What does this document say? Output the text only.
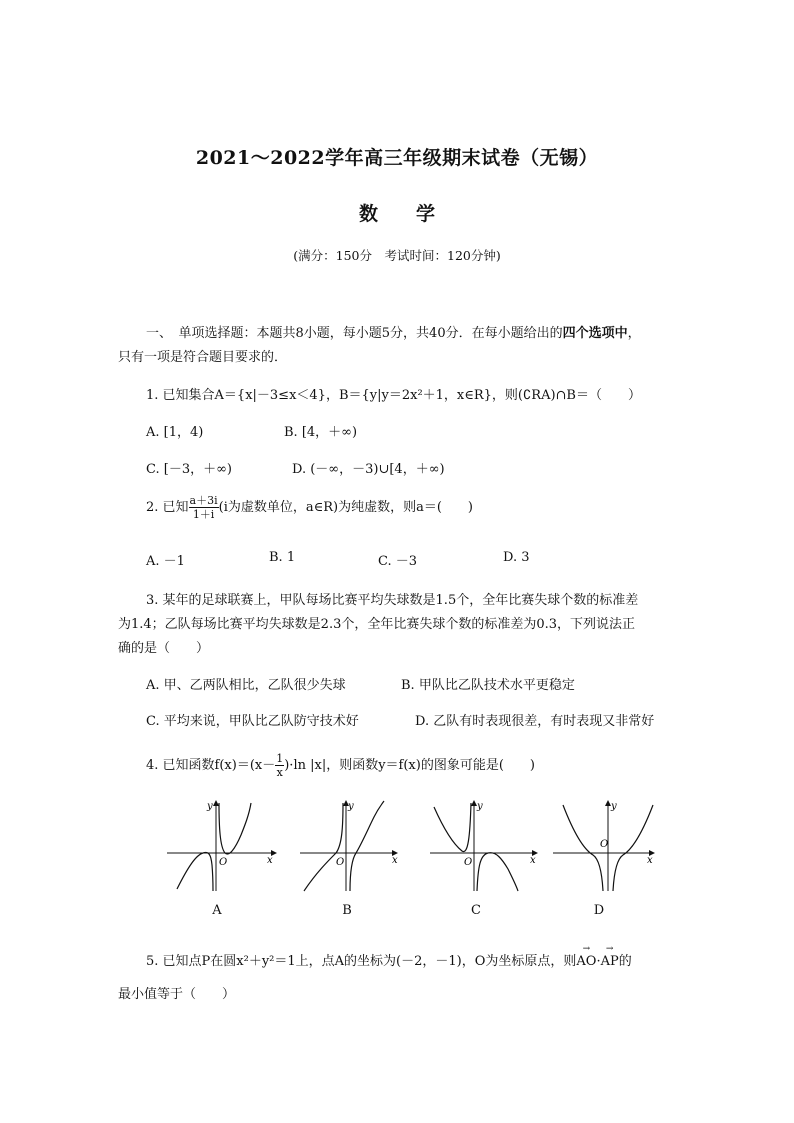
2021～2022学年高三年级期末试卷（无锡）
数学
(满分：150分　考试时间：120分钟)
一、　单项选择题：本题共8小题，每小题5分，共40分．在每小题给出的四个选项中，
只有一项是符合题目要求的．
1. 已知集合A＝{x|－3≤x＜4}，B＝{y|y＝2x²＋1，x∈R}，则(∁RA)∩B＝（　　）
A. [1，4)	B. [4，＋∞)
C. [－3，＋∞)	D. (－∞，－3)∪[4，＋∞)
2. 已知 $\frac{a+3i}{1+i} (i$为虚数单位，a∈R)为纯虚数，则a＝(　　)
A. －1	B. 1	C. －3	D. 3
3. 某年的足球联赛上，甲队每场比赛平均失球数是1.5个，全年比赛失球个数的标准差
为1.4；乙队每场比赛平均失球数是2.3个，全年比赛失球个数的标准差为0.3，下列说法正
确的是（　　）
A. 甲、乙两队相比，乙队很少失球	B. 甲队比乙队技术水平更稳定
C. 平均来说，甲队比乙队防守技术好	D. 乙队有时表现很差，有时表现又非常好
4. 已知函数$f(x)=(x- \frac{1}{x} )\cdot\ln$ |x|，则函数y＝f(x)的图象可能是(　　)
x
y
O
A
x
y
O
B
x
y
O
C
x
y
O
D
5. 已知点P在圆x²＋y²＝1上，点A的坐标为(－2，－1)，O为坐标原点，则→ AO·→ AP的
最小值等于（　　）
